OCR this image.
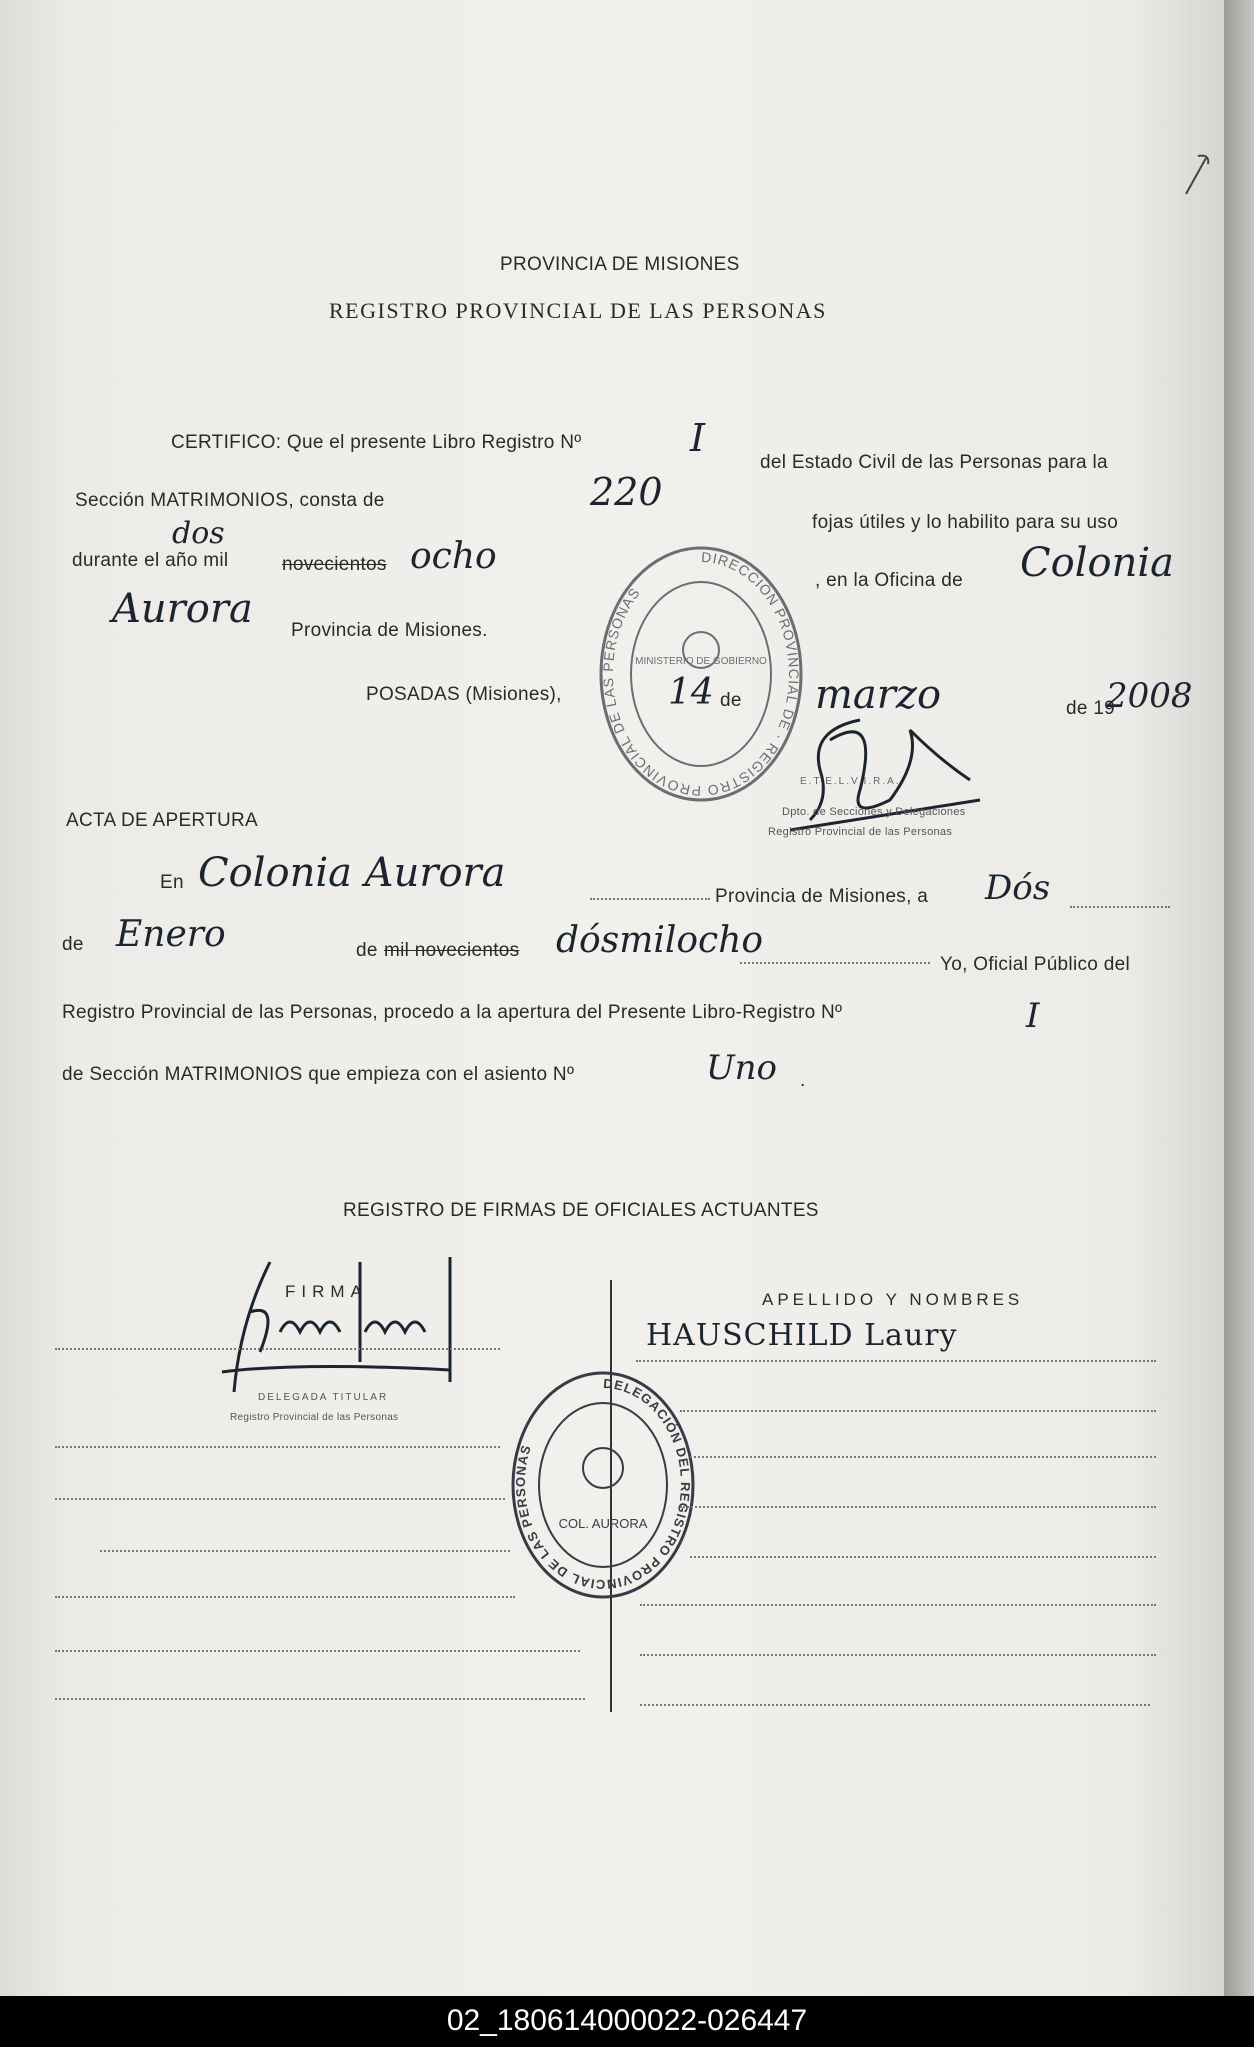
PROVINCIA DE MISIONES
REGISTRO PROVINCIAL DE LAS PERSONAS
CERTIFICO: Que el presente Libro Registro Nº	I
del Estado Civil de las Personas para la
Sección MATRIMONIOS, consta de	220
fojas útiles y lo habilito para su uso
dos
durante el año mil	novecientos ocho
, en la Oficina de Colonia
Aurora Provincia de Misiones.
POSADAS (Misiones),	14 de marzo	de 19
2008
DIRECCIÓN PROVINCIAL DE · REGISTRO PROVINCIAL DE LAS PERSONAS
MINISTERIO DE GOBIERNO
E.T.E.L.V.I.R.A.
Dpto. de Secciones y Delegaciones
Registro Provincial de las Personas
ACTA DE APERTURA
En Colonia Aurora
Provincia de Misiones, a Dós
de Enero	de mil novecientos dósmilocho
Yo, Oficial Público del
Registro Provincial de las Personas, procedo a la apertura del Presente Libro-Registro Nº	I
de Sección MATRIMONIOS que empieza con el asiento Nº	Uno .
REGISTRO DE FIRMAS DE OFICIALES ACTUANTES
FIRMA	APELLIDO Y NOMBRES
HAUSCHILD Laury
DELEGADA TITULAR
Registro Provincial de las Personas
DELEGACIÓN DEL REGISTRO PROVINCIAL DE LAS PERSONAS
COL. AURORA
02_180614000022-026447
